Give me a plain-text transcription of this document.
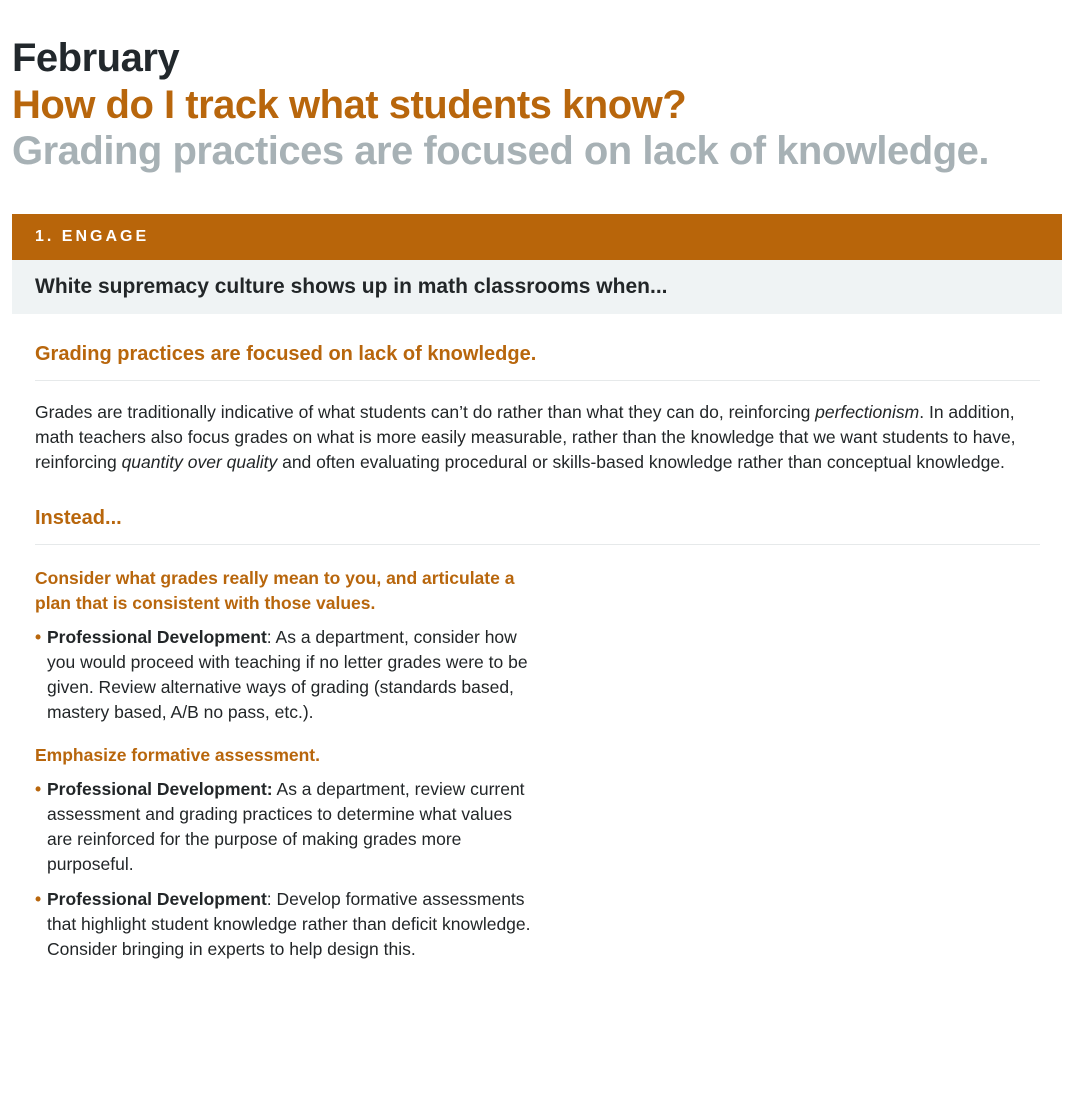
February
How do I track what students know?
Grading practices are focused on lack of knowledge.
1. ENGAGE
White supremacy culture shows up in math classrooms when...
Grading practices are focused on lack of knowledge.
Grades are traditionally indicative of what students can’t do rather than what they can do, reinforcing perfectionism. In addition, math teachers also focus grades on what is more easily measurable, rather than the knowledge that we want students to have, reinforcing quantity over quality and often evaluating procedural or skills-based knowledge rather than conceptual knowledge.
Instead...
Consider what grades really mean to you, and articulate a plan that is consistent with those values.
• Professional Development: As a department, consider how you would proceed with teaching if no letter grades were to be given. Review alternative ways of grading (standards based, mastery based, A/B no pass, etc.).
Emphasize formative assessment.
• Professional Development: As a department, review current assessment and grading practices to determine what values are reinforced for the purpose of making grades more purposeful.
• Professional Development: Develop formative assessments that highlight student knowledge rather than deficit knowledge. Consider bringing in experts to help design this.
